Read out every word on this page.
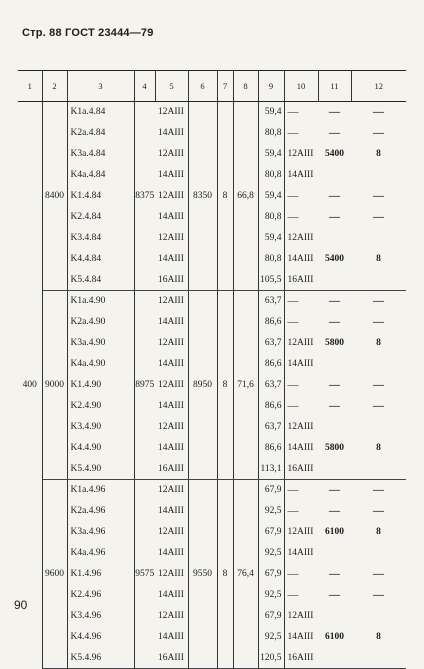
Стр. 88 ГОСТ 23444—79
1	2	3	4	5	6	7	8	9	10	11	12
400	8400	K1a.4.84	8375	12AIII	8350	8	66,8	59,4	—	—	—
		K2a.4.84		14AIII				80,8	—	—	—
		K3a.4.84		12AIII				59,4	12AIII	5400	8
		K4a.4.84		14AIII				80,8	14AIII		
		K1.4.84		12AIII				59,4	—	—	—
		K2.4.84		14AIII				80,8	—	—	—
		K3.4.84		12AIII				59,4	12AIII		
		K4.4.84		14AIII				80,8	14AIII	5400	8
		K5.4.84		16AIII				105,5	16AIII		
	9000	K1a.4.90	8975	12AIII	8950	8	71,6	63,7	—	—	—
		K2a.4.90		14AIII				86,6	—	—	—
		K3a.4.90		12AIII				63,7	12AIII	5800	8
		K4a.4.90		14AIII				86,6	14AIII		
		K1.4.90		12AIII				63,7	—	—	—
		K2.4.90		14AIII				86,6	—	—	—
		K3.4.90		12AIII				63,7	12AIII		
		K4.4.90		14AIII				86,6	14AIII	5800	8
		K5.4.90		16AIII				113,1	16AIII		
	9600	K1a.4.96	9575	12AIII	9550	8	76,4	67,9	—	—	—
		K2a.4.96		14AIII				92,5	—	—	—
		K3a.4.96		12AIII				67,9	12AIII	6100	8
		K4a.4.96		14AIII				92,5	14AIII		
		K1.4.96		12AIII				67,9	—	—	—
		K2.4.96		14AIII				92,5	—	—	—
		K3.4.96		12AIII				67,9	12AIII		
		K4.4.96		14AIII				92,5	14AIII	6100	8
		K5.4.96		16AIII				120,5	16AIII		
90
